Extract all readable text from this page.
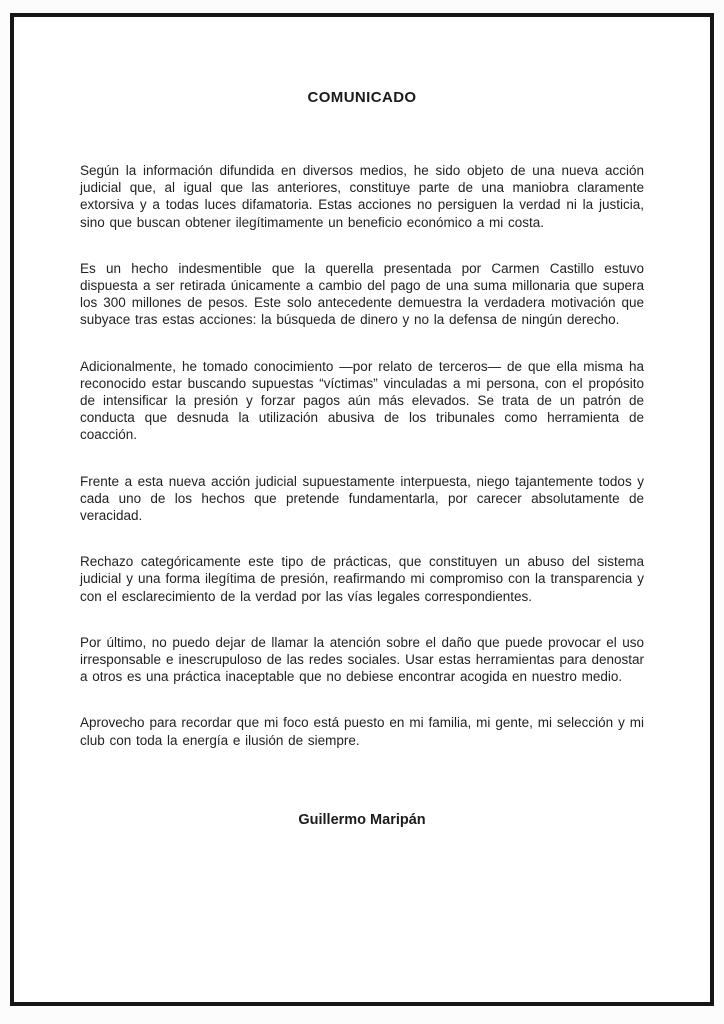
COMUNICADO

Según la información difundida en diversos medios, he sido objeto de una nueva acción judicial que, al igual que las anteriores, constituye parte de una maniobra claramente extorsiva y a todas luces difamatoria. Estas acciones no persiguen la verdad ni la justicia, sino que buscan obtener ilegítimamente un beneficio económico a mi costa.

Es un hecho indesmentible que la querella presentada por Carmen Castillo estuvo dispuesta a ser retirada únicamente a cambio del pago de una suma millonaria que supera los 300 millones de pesos. Este solo antecedente demuestra la verdadera motivación que subyace tras estas acciones: la búsqueda de dinero y no la defensa de ningún derecho.

Adicionalmente, he tomado conocimiento —por relato de terceros— de que ella misma ha reconocido estar buscando supuestas “víctimas” vinculadas a mi persona, con el propósito de intensificar la presión y forzar pagos aún más elevados. Se trata de un patrón de conducta que desnuda la utilización abusiva de los tribunales como herramienta de coacción.

Frente a esta nueva acción judicial supuestamente interpuesta, niego tajantemente todos y cada uno de los hechos que pretende fundamentarla, por carecer absolutamente de veracidad.

Rechazo categóricamente este tipo de prácticas, que constituyen un abuso del sistema judicial y una forma ilegítima de presión, reafirmando mi compromiso con la transparencia y con el esclarecimiento de la verdad por las vías legales correspondientes.

Por último, no puedo dejar de llamar la atención sobre el daño que puede provocar el uso irresponsable e inescrupuloso de las redes sociales. Usar estas herramientas para denostar a otros es una práctica inaceptable que no debiese encontrar acogida en nuestro medio.

Aprovecho para recordar que mi foco está puesto en mi familia, mi gente, mi selección y mi club con toda la energía e ilusión de siempre.

Guillermo Maripán
